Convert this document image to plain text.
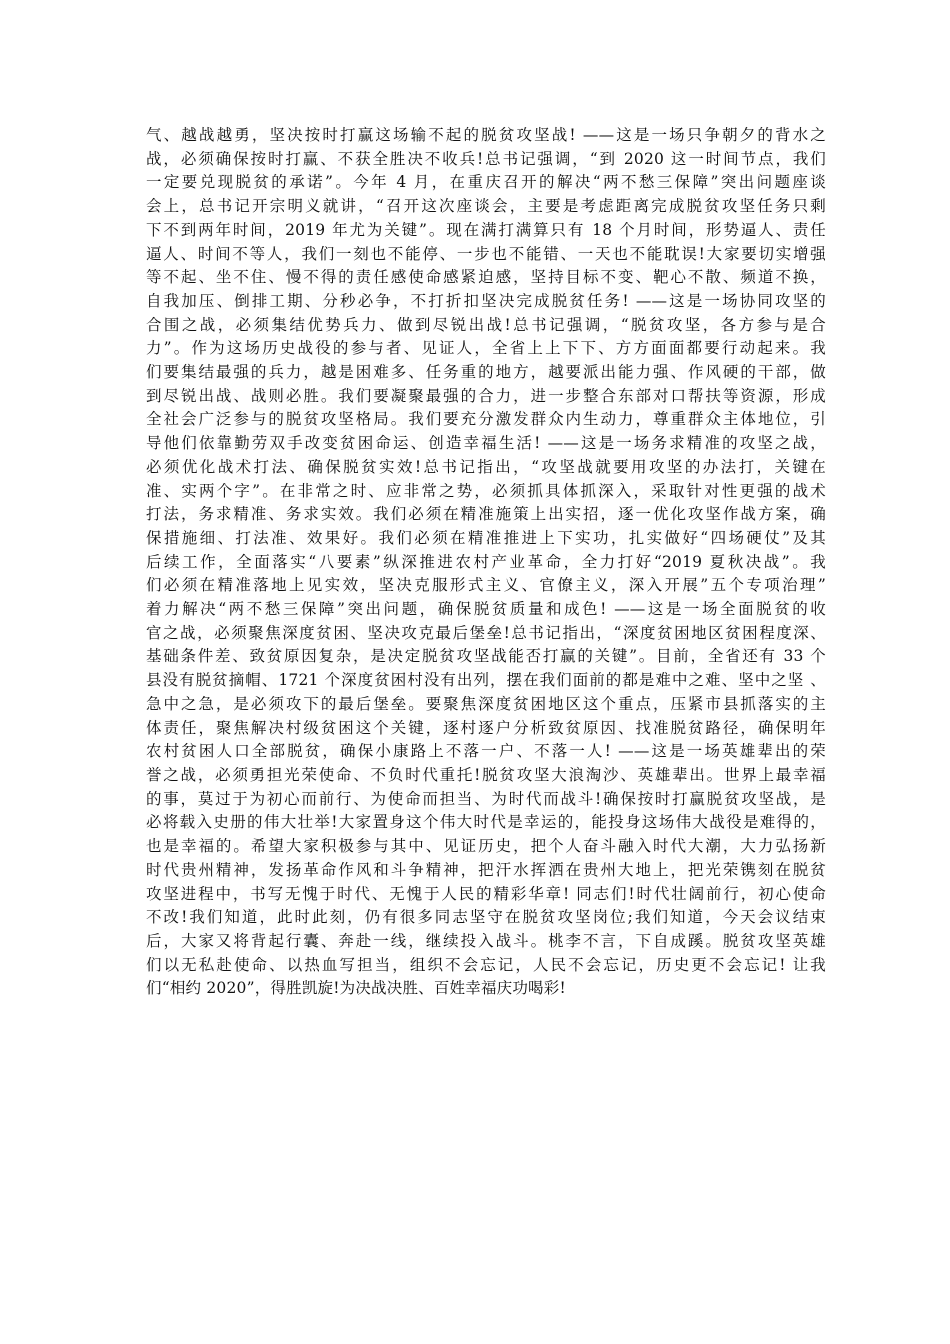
气、越战越勇，坚决按时打赢这场输不起的脱贫攻坚战! ——这是一场只争朝夕的背水之
战，必须确保按时打赢、不获全胜决不收兵!总书记强调，“到 2020 这一时间节点，我们
一定要兑现脱贫的承诺”。今年 4 月，在重庆召开的解决“两不愁三保障”突出问题座谈
会上，总书记开宗明义就讲，“召开这次座谈会，主要是考虑距离完成脱贫攻坚任务只剩
下不到两年时间，2019 年尤为关键”。现在满打满算只有 18 个月时间，形势逼人、责任
逼人、时间不等人，我们一刻也不能停、一步也不能错、一天也不能耽误!大家要切实增强
等不起、坐不住、慢不得的责任感使命感紧迫感，坚持目标不变、靶心不散、频道不换，
自我加压、倒排工期、分秒必争，不打折扣坚决完成脱贫任务! ——这是一场协同攻坚的
合围之战，必须集结优势兵力、做到尽锐出战!总书记强调，“脱贫攻坚，各方参与是合
力”。作为这场历史战役的参与者、见证人，全省上上下下、方方面面都要行动起来。我
们要集结最强的兵力，越是困难多、任务重的地方，越要派出能力强、作风硬的干部，做
到尽锐出战、战则必胜。我们要凝聚最强的合力，进一步整合东部对口帮扶等资源，形成
全社会广泛参与的脱贫攻坚格局。我们要充分激发群众内生动力，尊重群众主体地位，引
导他们依靠勤劳双手改变贫困命运、创造幸福生活! ——这是一场务求精准的攻坚之战，
必须优化战术打法、确保脱贫实效!总书记指出，“攻坚战就要用攻坚的办法打，关键在
准、实两个字”。在非常之时、应非常之势，必须抓具体抓深入，采取针对性更强的战术
打法，务求精准、务求实效。我们必须在精准施策上出实招，逐一优化攻坚作战方案，确
保措施细、打法准、效果好。我们必须在精准推进上下实功，扎实做好“四场硬仗”及其
后续工作，全面落实“八要素”纵深推进农村产业革命，全力打好“2019 夏秋决战”。我
们必须在精准落地上见实效，坚决克服形式主义、官僚主义，深入开展”五个专项治理”
着力解决“两不愁三保障”突出问题，确保脱贫质量和成色! ——这是一场全面脱贫的收
官之战，必须聚焦深度贫困、坚决攻克最后堡垒!总书记指出，“深度贫困地区贫困程度深、
基础条件差、致贫原因复杂，是决定脱贫攻坚战能否打赢的关键”。目前，全省还有 33 个
县没有脱贫摘帽、1721 个深度贫困村没有出列，摆在我们面前的都是难中之难、坚中之坚 、
急中之急，是必须攻下的最后堡垒。要聚焦深度贫困地区这个重点，压紧市县抓落实的主
体责任，聚焦解决村级贫困这个关键，逐村逐户分析致贫原因、找准脱贫路径，确保明年
农村贫困人口全部脱贫，确保小康路上不落一户、不落一人! ——这是一场英雄辈出的荣
誉之战，必须勇担光荣使命、不负时代重托!脱贫攻坚大浪淘沙、英雄辈出。世界上最幸福
的事，莫过于为初心而前行、为使命而担当、为时代而战斗!确保按时打赢脱贫攻坚战，是
必将载入史册的伟大壮举!大家置身这个伟大时代是幸运的，能投身这场伟大战役是难得的，
也是幸福的。希望大家积极参与其中、见证历史，把个人奋斗融入时代大潮，大力弘扬新
时代贵州精神，发扬革命作风和斗争精神，把汗水挥洒在贵州大地上，把光荣镌刻在脱贫
攻坚进程中，书写无愧于时代、无愧于人民的精彩华章! 同志们!时代壮阔前行，初心使命
不改!我们知道，此时此刻，仍有很多同志坚守在脱贫攻坚岗位;我们知道，今天会议结束
后，大家又将背起行囊、奔赴一线，继续投入战斗。桃李不言，下自成蹊。脱贫攻坚英雄
们以无私赴使命、以热血写担当，组织不会忘记，人民不会忘记，历史更不会忘记! 让我
们“相约 2020”，得胜凯旋!为决战决胜、百姓幸福庆功喝彩!
